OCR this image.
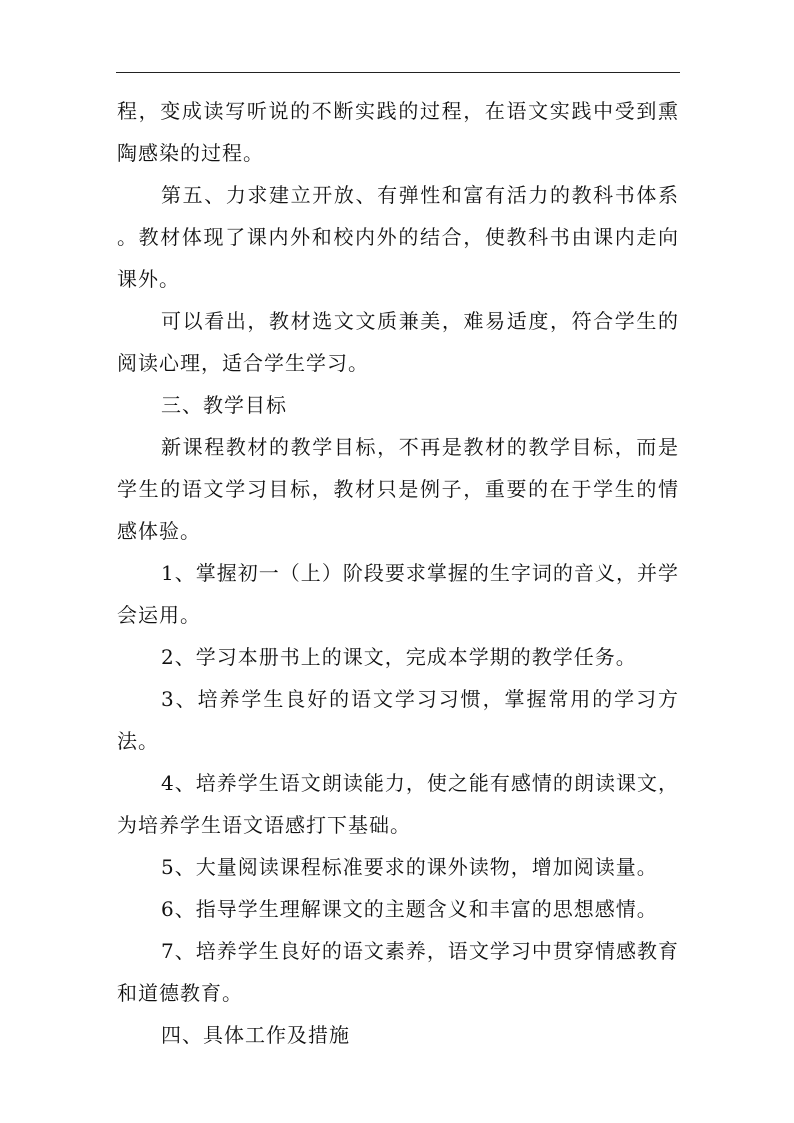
程，变成读写听说的不断实践的过程，在语文实践中受到熏陶感染的过程。

第五、力求建立开放、有弹性和富有活力的教科书体系 。教材体现了课内外和校内外的结合，使教科书由课内走向课外。

可以看出，教材选文文质兼美，难易适度，符合学生的阅读心理，适合学生学习。

三、教学目标

新课程教材的教学目标，不再是教材的教学目标，而是学生的语文学习目标，教材只是例子，重要的在于学生的情感体验。

1、掌握初一（上）阶段要求掌握的生字词的音义，并学会运用。

2、学习本册书上的课文，完成本学期的教学任务。

3、培养学生良好的语文学习习惯，掌握常用的学习方法。

4、培养学生语文朗读能力，使之能有感情的朗读课文，为培养学生语文语感打下基础。

5、大量阅读课程标准要求的课外读物，增加阅读量。

6、指导学生理解课文的主题含义和丰富的思想感情。

7、培养学生良好的语文素养，语文学习中贯穿情感教育和道德教育。

四、具体工作及措施
